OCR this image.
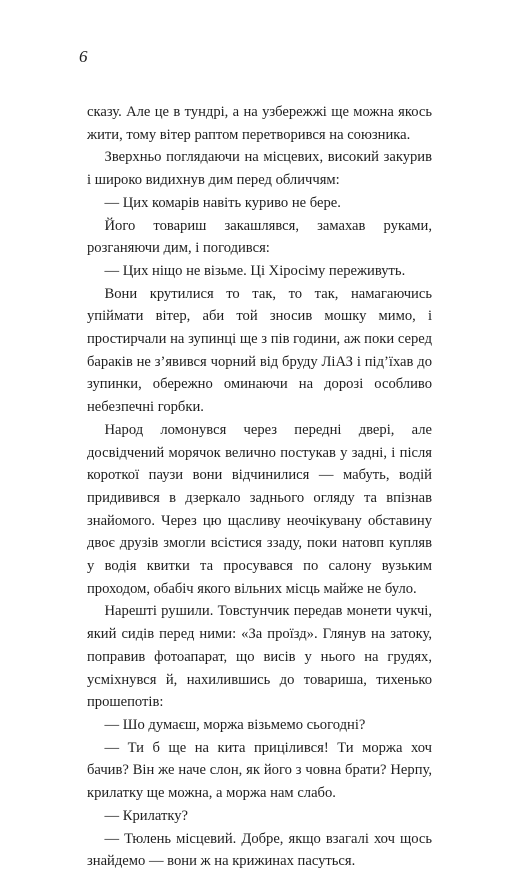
6

сказу. Але це в тундрі, а на узбережжі ще можна якось жити, тому вітер раптом перетворився на союзника.

Зверхньо поглядаючи на місцевих, високий закурив і широко видихнув дим перед обличчям:

— Цих комарів навіть куриво не бере.

Його товариш закашлявся, замахав руками, розганяючи дим, і погодився:

— Цих ніщо не візьме. Ці Хіросіму переживуть.

Вони крутилися то так, то так, намагаючись упіймати вітер, аби той зносив мошку мимо, і простирчали на зупинці ще з пів години, аж поки серед бараків не з’явився чорний від бруду ЛіАЗ і під’їхав до зупинки, обережно оминаючи на дорозі особливо небезпечні горбки.

Народ ломонувся через передні двері, але досвідчений морячок велично постукав у задні, і після короткої паузи вони відчинилися — мабуть, водій придивився в дзеркало заднього огляду та впізнав знайомого. Через цю щасливу неочікувану обставину двоє друзів змогли всістися ззаду, поки натовп купляв у водія квитки та просувався по салону вузьким проходом, обабіч якого вільних місць майже не було.

Нарешті рушили. Товстунчик передав монети чукчі, який сидів перед ними: «За проїзд». Глянув на затоку, поправив фотоапарат, що висів у нього на грудях, усміхнувся й, нахилившись до товариша, тихенько прошепотів:

— Шо думаєш, моржа візьмемо сьогодні?

— Ти б ще на кита прицілився! Ти моржа хоч бачив? Він же наче слон, як його з човна брати? Нерпу, крилатку ще можна, а моржа нам слабо.

— Крилатку?

— Тюлень місцевий. Добре, якщо взагалі хоч щось знайдемо — вони ж на крижинах пасуться.
